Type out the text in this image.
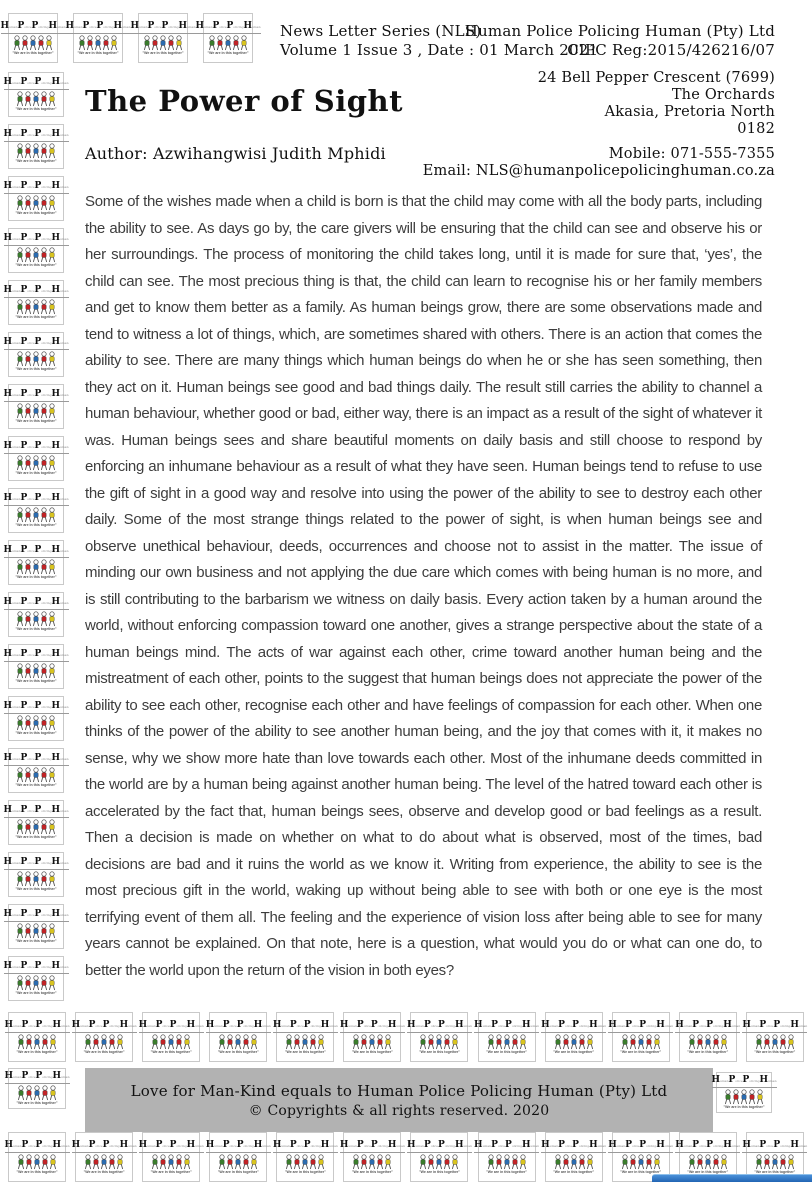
HumanPolicePolicingHuman
"We are in this together"
HumanPolicePolicingHuman
"We are in this together"
HumanPolicePolicingHuman
"We are in this together"
HumanPolicePolicingHuman
"We are in this together"
News Letter Series (NLS)
Volume 1 Issue 3 , Date : 01 March 2021
Human Police Policing Human (Pty) Ltd
CIPC Reg:2015/426216/07
24 Bell Pepper Crescent (7699)
The Orchards
Akasia, Pretoria North
0182
Mobile: 071-555-7355
Email: NLS@humanpolicepolicinghuman.co.za
HumanPolicePolicingHuman
"We are in this together"
HumanPolicePolicingHuman
"We are in this together"
HumanPolicePolicingHuman
"We are in this together"
HumanPolicePolicingHuman
"We are in this together"
HumanPolicePolicingHuman
"We are in this together"
HumanPolicePolicingHuman
"We are in this together"
HumanPolicePolicingHuman
"We are in this together"
HumanPolicePolicingHuman
"We are in this together"
HumanPolicePolicingHuman
"We are in this together"
HumanPolicePolicingHuman
"We are in this together"
HumanPolicePolicingHuman
"We are in this together"
HumanPolicePolicingHuman
"We are in this together"
HumanPolicePolicingHuman
"We are in this together"
HumanPolicePolicingHuman
"We are in this together"
HumanPolicePolicingHuman
"We are in this together"
HumanPolicePolicingHuman
"We are in this together"
HumanPolicePolicingHuman
"We are in this together"
HumanPolicePolicingHuman
"We are in this together"
The Power of Sight
Author: Azwihangwisi Judith Mphidi
Some of the wishes made when a child is born is that the child may come with all the body parts, including the ability to see. As days go by, the care givers will be ensuring that the child can see and observe his or her surroundings. The process of monitoring the child takes long, until it is made for sure that, ‘yes’, the child can see. The most precious thing is that, the child can learn to recognise his or her family members and get to know them better as a family. As human beings grow, there are some observations made and tend to witness a lot of things, which, are sometimes shared with others. There is an action that comes the ability to see. There are many things which human beings do when he or she has seen something, then they act on it. Human beings see good and bad things daily. The result still carries the ability to channel a human behaviour, whether good or bad, either way, there is an impact as a result of the sight of whatever it was. Human beings sees and share beautiful moments on daily basis and still choose to respond by enforcing an inhumane behaviour as a result of what they have seen. Human beings tend to refuse to use the gift of sight in a good way and resolve into using the power of the ability to see to destroy each other daily. Some of the most strange things related to the power of sight, is when human beings see and observe unethical behaviour, deeds, occurrences and choose not to assist in the matter. The issue of minding our own business and not applying the due care which comes with being human is no more, and is still contributing to the barbarism we witness on daily basis. Every action taken by a human around the world, without enforcing compassion toward one another, gives a strange perspective about the state of a human beings mind. The acts of war against each other, crime toward another human being and the mistreatment of each other, points to the suggest that human beings does not appreciate the power of the ability to see each other, recognise each other and have feelings of compassion for each other. When one thinks of the power of the ability to see another human being, and the joy that comes with it, it makes no sense, why we show more hate than love towards each other. Most of the inhumane deeds committed in the world are by a human being against another human being. The level of the hatred toward each other is accelerated by the fact that, human beings sees, observe and develop good or bad feelings as a result. Then a decision is made on whether on what to do about what is observed, most of the times, bad decisions are bad and it ruins the world as we know it. Writing from experience, the ability to see is the most precious gift in the world, waking up without being able to see with both or one eye is the most terrifying event of them all. The feeling and the experience of vision loss after being able to see for many years cannot be explained. On that note, here is a question, what would you do or what can one do, to better the world upon the return of the vision in both eyes?
HumanPolicePolicingHuman
"We are in this together"
HumanPolicePolicingHuman
"We are in this together"
HumanPolicePolicingHuman
"We are in this together"
HumanPolicePolicingHuman
"We are in this together"
HumanPolicePolicingHuman
"We are in this together"
HumanPolicePolicingHuman
"We are in this together"
HumanPolicePolicingHuman
"We are in this together"
HumanPolicePolicingHuman
"We are in this together"
HumanPolicePolicingHuman
"We are in this together"
HumanPolicePolicingHuman
"We are in this together"
HumanPolicePolicingHuman
"We are in this together"
HumanPolicePolicingHuman
"We are in this together"
HumanPolicePolicingHuman
"We are in this together"
Love for Man-Kind equals to Human Police Policing Human (Pty) Ltd
© Copyrights & all rights reserved. 2020
HumanPolicePolicingHuman
"We are in this together"
HumanPolicePolicingHuman
"We are in this together"
HumanPolicePolicingHuman
"We are in this together"
HumanPolicePolicingHuman
"We are in this together"
HumanPolicePolicingHuman
"We are in this together"
HumanPolicePolicingHuman
"We are in this together"
HumanPolicePolicingHuman
"We are in this together"
HumanPolicePolicingHuman
"We are in this together"
HumanPolicePolicingHuman
"We are in this together"
HumanPolicePolicingHuman
"We are in this together"
HumanPolicePolicingHuman
"We are in this together"
HumanPolicePolicingHuman
"We are in this together"
HumanPolicePolicingHuman
"We are in this together"
